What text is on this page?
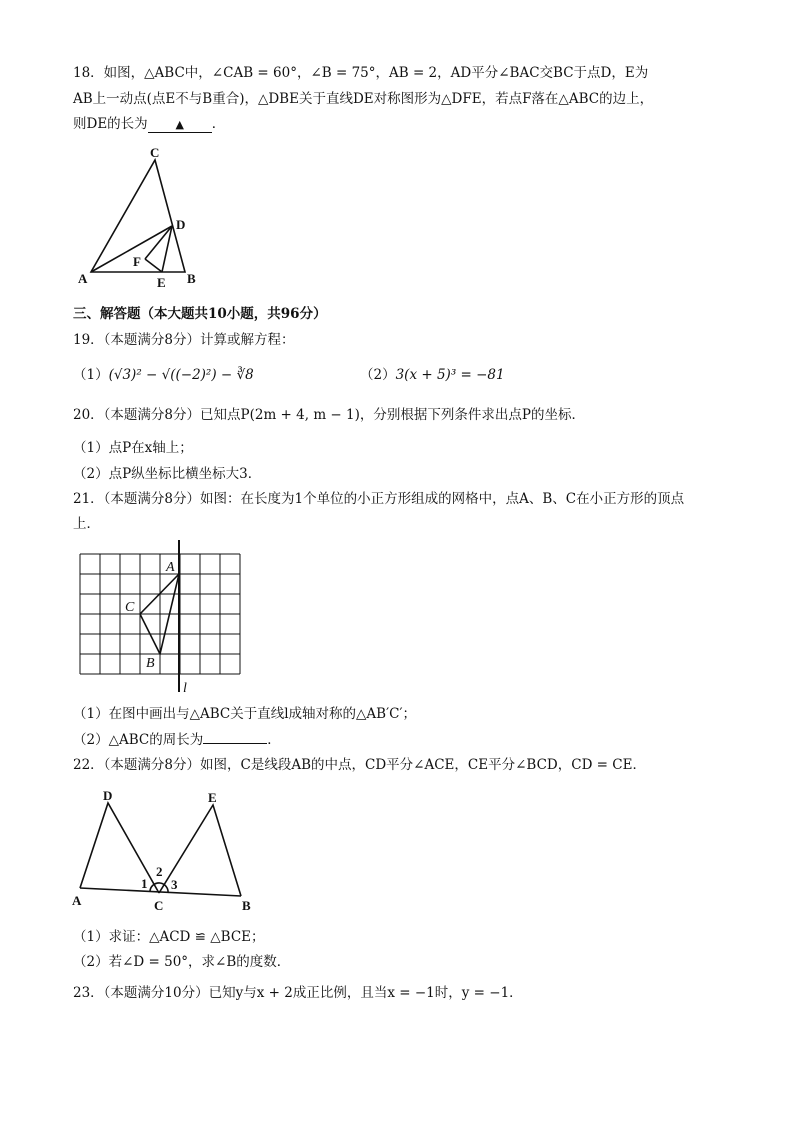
18．如图，△ABC中，∠CAB = 60°，∠B = 75°，AB = 2，AD平分∠BAC交BC于点D，E为
AB上一动点(点E不与B重合)，△DBE关于直线DE对称图形为△DFE，若点F落在△ABC的边上，
则DE的长为	▲ ．
C
D
A
F
E B
三、解答题（本大题共10小题，共96分）
19．（本题满分8分）计算或解方程：
（1）(√3)² − √((−2)²) − ∛8	（2）3(x + 5)³ = −81
20．（本题满分8分）已知点P(2m + 4, m − 1)，分别根据下列条件求出点P的坐标．
（1）点P在x轴上；
（2）点P纵坐标比横坐标大3．
21．（本题满分8分）如图：在长度为1个单位的小正方形组成的网格中，点A、B、C在小正方形的顶点
上．
A
C
B
l
（1）在图中画出与△ABC关于直线l成轴对称的△AB′C′；
（2）△ABC的周长为	．
22．（本题满分8分）如图，C是线段AB的中点，CD平分∠ACE，CE平分∠BCD，CD = CE．
D	E
A	C	B
1
2
3
（1）求证：△ACD ≌ △BCE；
（2）若∠D = 50°，求∠B的度数．
23．（本题满分10分）已知y与x + 2成正比例，且当x = −1时，y = −1．
